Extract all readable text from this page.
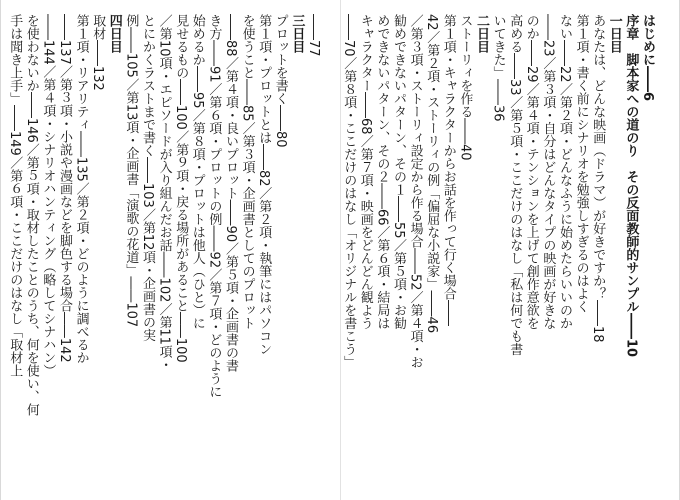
はじめに――6
序章　脚本家への道のり　その反面教師的サンプル――10
一日目
あなたは、どんな映画（ドラマ）が好きですか？――18
第１項・書く前にシナリオを勉強しすぎるのはよく
ない――22／第２項・どんなふうに始めたらいいのか
――23／第３項・自分はどんなタイプの映画が好きな
のか――29／第４項・テンションを上げて創作意欲を
高める――33／第５項・ここだけのはなし「私は何でも書
いてきた」――36
二日目
ストーリィを作る――40
第１項・キャラクターからお話を作って行く場合――
42／第２項・ストーリィの例「偏屈な小説家」――46
／第３項・ストーリィ設定から作る場合――52／第４項・お
勧めできないパターン、その１――55／第５項・お勧
めできないパターン、その２――66／第６項・結局は
キャラクター――68／第７項・映画をどんどん観よう
――70／第８項・ここだけのはなし「オリジナルを書こう」
――77
三日目
プロットを書く――80
第１項・プロットとは――82／第２項・執筆にはパソコン
を使うこと――85／第３項・企画書としてのプロット
――88／第４項・良いプロット――90／第５項・企画書の書
き方――91／第６項・プロットの例――92／第７項・どのように
始めるか――95／第８項・プロットは他人（ひと）に
見せるもの――100／第９項・戻る場所があること――100
／第10項・エピソードが入り組んだお話――102／第11項・
とにかくラストまで書く――103／第12項・企画書の実
例――105／第13項・企画書「演歌の花道」――107
四日目
取材――132
第１項・リアリティ――135／第２項・どのように調べるか
――137／第３項・小説や漫画などを脚色する場合――142
――144／第４項・シナリオハンティング（略してシナハン）
を使わないか――146／第５項・取材したことのうち、何を使い、何
手は聞き上手」――149／第６項・ここだけのはなし「取材上
